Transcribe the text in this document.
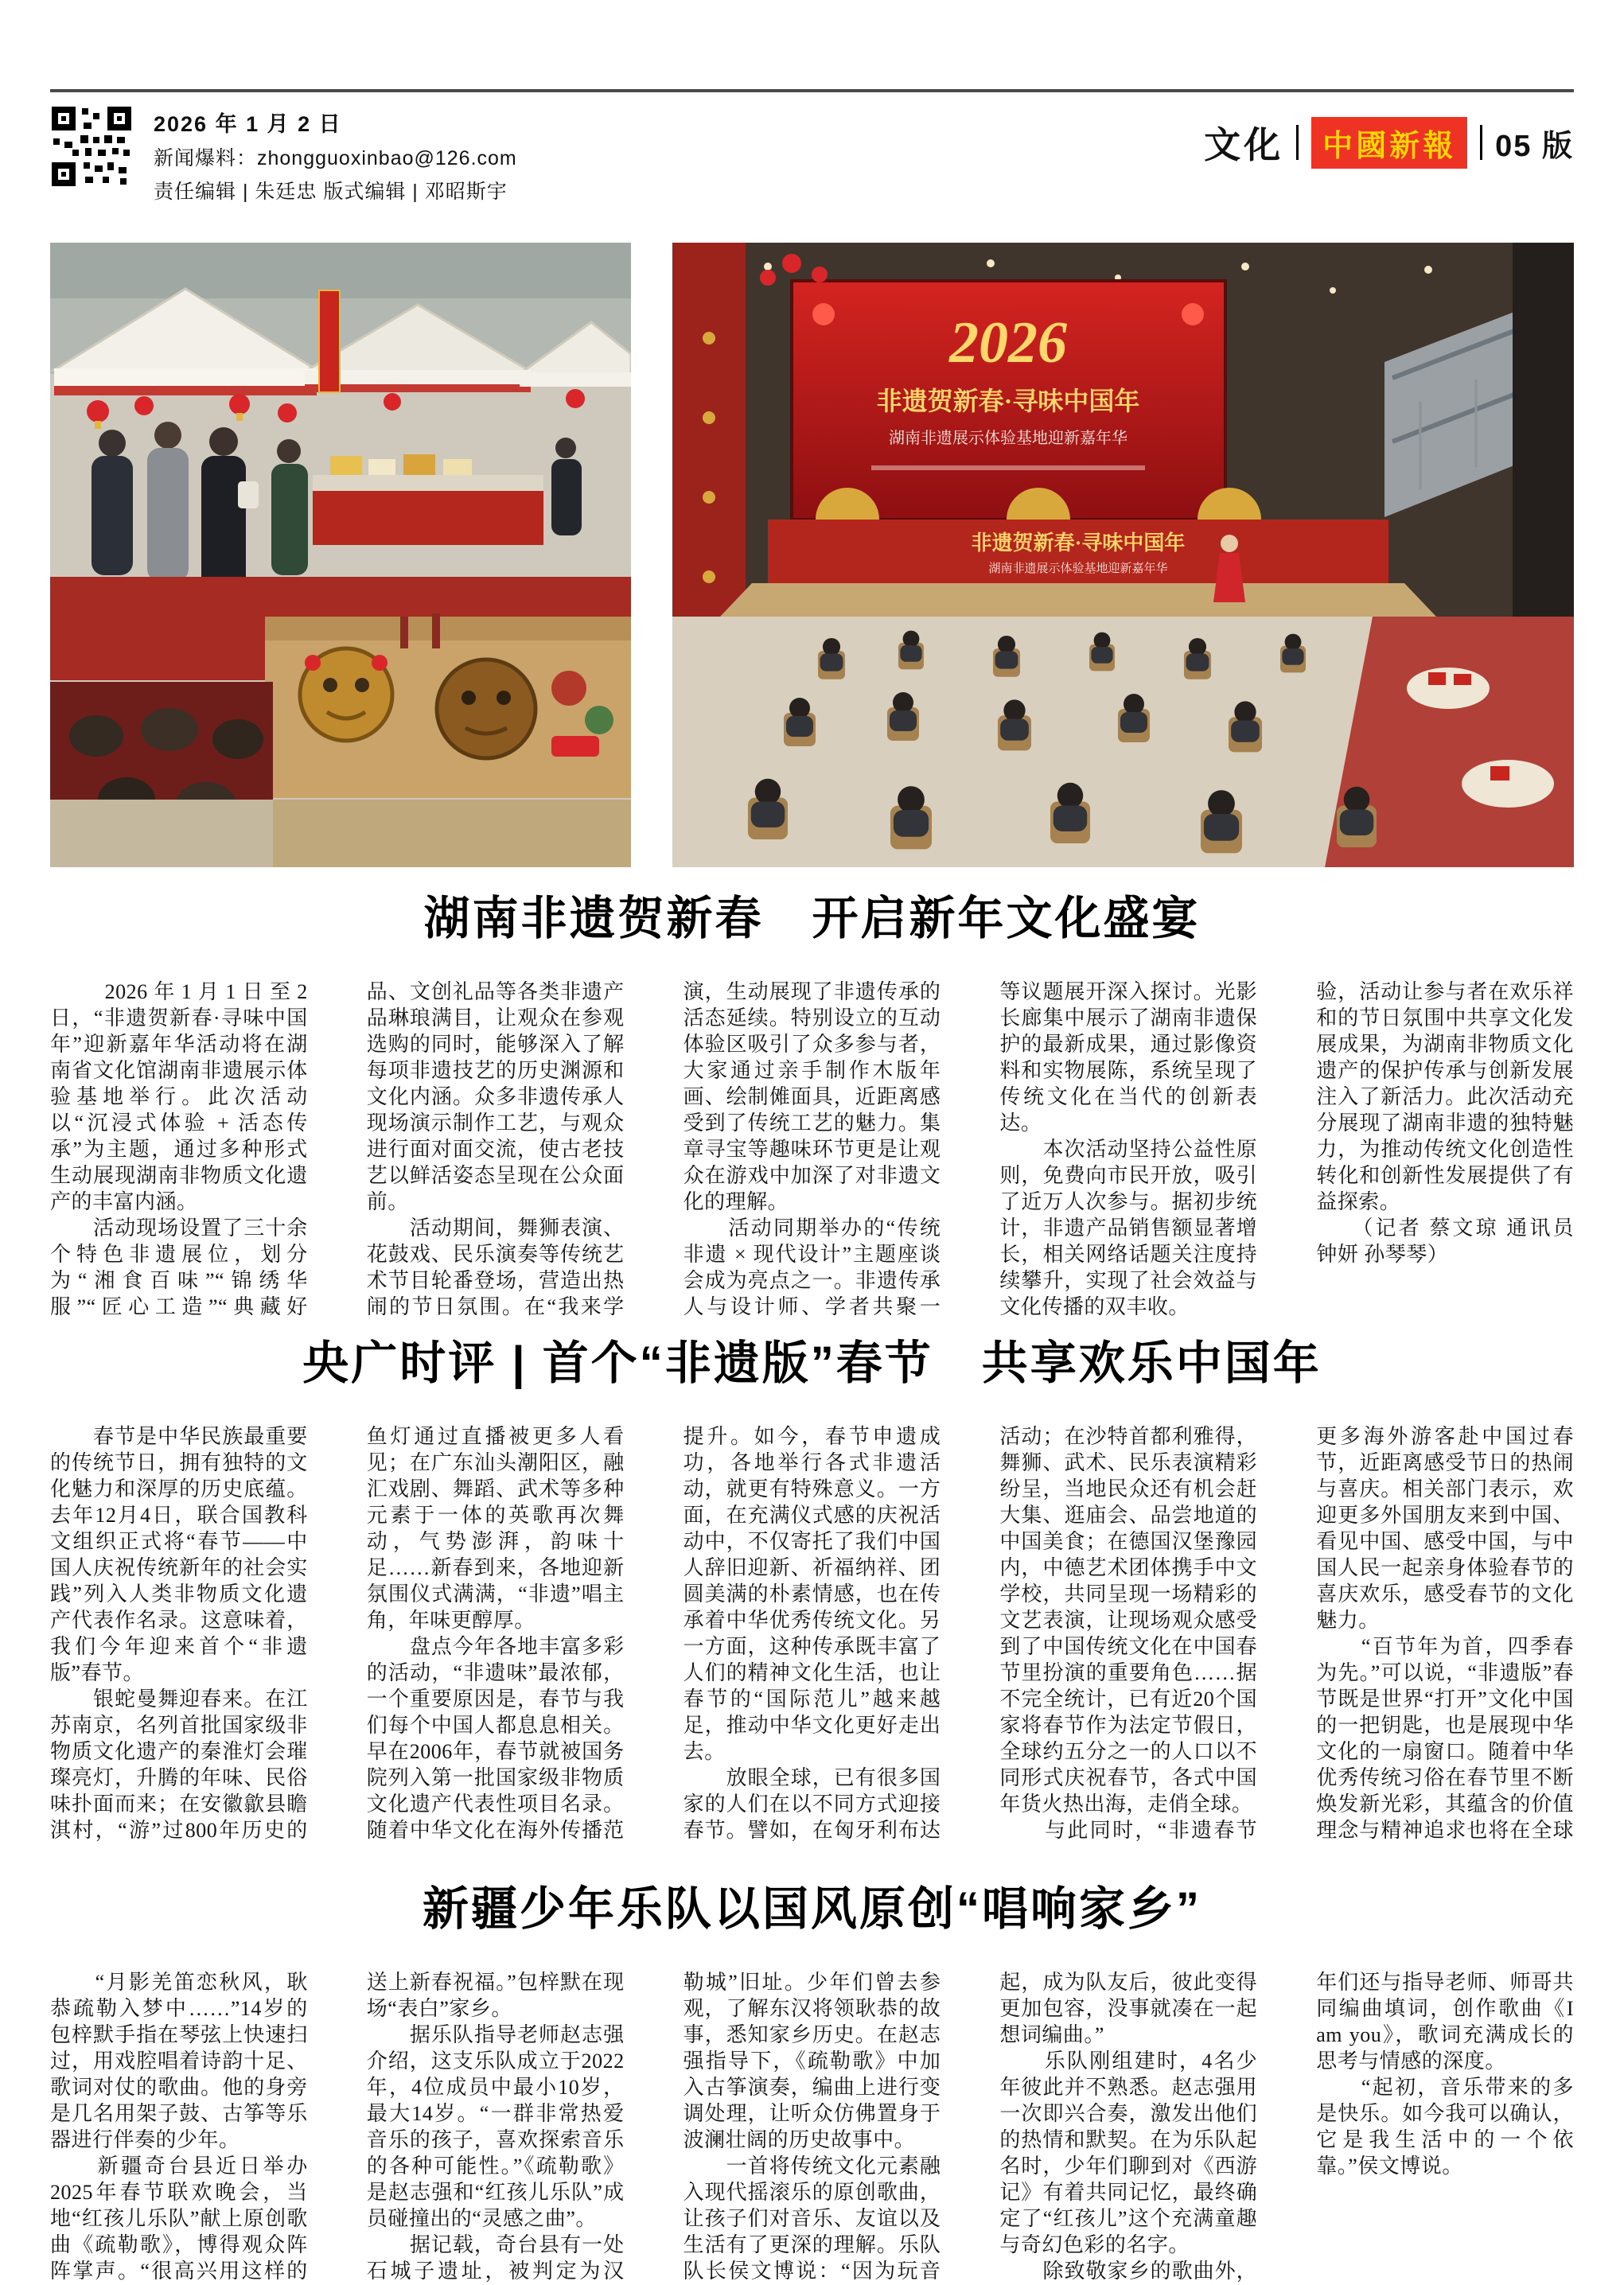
2026 年 1 月 2 日
新闻爆料：zhongguoxinbao@126.com
责任编辑 | 朱廷忠 版式编辑 | 邓昭斯宇
文化	中國新報	05 版
2026
非遗贺新春·寻味中国年
湖南非遗展示体验基地迎新嘉年华
非遗贺新春·寻味中国年
湖南非遗展示体验基地迎新嘉年华
湖南非遗贺新春　开启新年文化盛宴

　　2026年1月1日至2日，“非遗贺新春·寻味中国年”迎新嘉年华活动将在湖南省文化馆湖南非遗展示体验基地举行。此次活动以“沉浸式体验 + 活态传承”为主题，通过多种形式生动展现湖南非物质文化遗产的丰富内涵。

　　活动现场设置了三十余个特色非遗展位，划分为“湘食百味”“锦绣华服”“匠心工造”“典藏好

品、文创礼品等各类非遗产品琳琅满目，让观众在参观选购的同时，能够深入了解每项非遗技艺的历史渊源和文化内涵。众多非遗传承人现场演示制作工艺，与观众进行面对面交流，使古老技艺以鲜活姿态呈现在公众面前。

　　活动期间，舞狮表演、花鼓戏、民乐演奏等传统艺术节目轮番登场，营造出热闹的节日氛围。在“我来学

演，生动展现了非遗传承的活态延续。特别设立的互动体验区吸引了众多参与者，大家通过亲手制作木版年画、绘制傩面具，近距离感受到了传统工艺的魅力。集章寻宝等趣味环节更是让观众在游戏中加深了对非遗文化的理解。

　　活动同期举办的“传统非遗 × 现代设计”主题座谈会成为亮点之一。非遗传承人与设计师、学者共聚一

等议题展开深入探讨。光影长廊集中展示了湖南非遗保护的最新成果，通过影像资料和实物展陈，系统呈现了传统文化在当代的创新表达。

　　本次活动坚持公益性原则，免费向市民开放，吸引了近万人次参与。据初步统计，非遗产品销售额显著增长，相关网络话题关注度持续攀升，实现了社会效益与文化传播的双丰收。

验，活动让参与者在欢乐祥和的节日氛围中共享文化发展成果，为湖南非物质文化遗产的保护传承与创新发展注入了新活力。此次活动充分展现了湖南非遗的独特魅力，为推动传统文化创造性转化和创新性发展提供了有益探索。

　　（记者 蔡文琼 通讯员 钟妍 孙琴琴）

央广时评 | 首个“非遗版”春节　共享欢乐中国年

　　春节是中华民族最重要的传统节日，拥有独特的文化魅力和深厚的历史底蕴。去年12月4日，联合国教科文组织正式将“春节——中国人庆祝传统新年的社会实践”列入人类非物质文化遗产代表作名录。这意味着，我们今年迎来首个“非遗版”春节。

　　银蛇曼舞迎春来。在江苏南京，名列首批国家级非物质文化遗产的秦淮灯会璀璨亮灯，升腾的年味、民俗味扑面而来；在安徽歙县瞻淇村，“游”过800年历史的

鱼灯通过直播被更多人看见；在广东汕头潮阳区，融汇戏剧、舞蹈、武术等多种元素于一体的英歌再次舞动，气势澎湃，韵味十足……新春到来，各地迎新氛围仪式满满，“非遗”唱主角，年味更醇厚。

　　盘点今年各地丰富多彩的活动，“非遗味”最浓郁，一个重要原因是，春节与我们每个中国人都息息相关。早在2006年，春节就被国务院列入第一批国家级非物质文化遗产代表性项目名录。随着中华文化在海外传播范

提升。如今，春节申遗成功，各地举行各式非遗活动，就更有特殊意义。一方面，在充满仪式感的庆祝活动中，不仅寄托了我们中国人辞旧迎新、祈福纳祥、团圆美满的朴素情感，也在传承着中华优秀传统文化。另一方面，这种传承既丰富了人们的精神文化生活，也让春节的“国际范儿”越来越足，推动中华文化更好走出去。

　　放眼全球，已有很多国家的人们在以不同方式迎接春节。譬如，在匈牙利布达

活动；在沙特首都利雅得，舞狮、武术、民乐表演精彩纷呈，当地民众还有机会赶大集、逛庙会、品尝地道的中国美食；在德国汉堡豫园内，中德艺术团体携手中文学校，共同呈现一场精彩的文艺表演，让现场观众感受到了中国传统文化在中国春节里扮演的重要角色……据不完全统计，已有近20个国家将春节作为法定节假日，全球约五分之一的人口以不同形式庆祝春节，各式中国年货火热出海，走俏全球。

　　与此同时，“非遗春节

更多海外游客赴中国过春节，近距离感受节日的热闹与喜庆。相关部门表示，欢迎更多外国朋友来到中国、看见中国、感受中国，与中国人民一起亲身体验春节的喜庆欢乐，感受春节的文化魅力。

　　“百节年为首，四季春为先。”可以说，“非遗版”春节既是世界“打开”文化中国的一把钥匙，也是展现中华文化的一扇窗口。随着中华优秀传统习俗在春节里不断焕发新光彩，其蕴含的价值理念与精神追求也将在全球

新疆少年乐队以国风原创“唱响家乡”

　　“月影羌笛恋秋风，耿恭疏勒入梦中……”14岁的包梓默手指在琴弦上快速扫过，用戏腔唱着诗韵十足、歌词对仗的歌曲。他的身旁是几名用架子鼓、古筝等乐器进行伴奏的少年。

　　新疆奇台县近日举办2025年春节联欢晚会，当地“红孩儿乐队”献上原创歌曲《疏勒歌》，博得观众阵阵掌声。“很高兴用这样的

送上新春祝福。”包梓默在现场“表白”家乡。

　　据乐队指导老师赵志强介绍，这支乐队成立于2022年，4位成员中最小10岁，最大14岁。“一群非常热爱音乐的孩子，喜欢探索音乐的各种可能性。”《疏勒歌》是赵志强和“红孩儿乐队”成员碰撞出的“灵感之曲”。

　　据记载，奇台县有一处石城子遗址，被判定为汉

勒城”旧址。少年们曾去参观，了解东汉将领耿恭的故事，悉知家乡历史。在赵志强指导下，《疏勒歌》中加入古筝演奏，编曲上进行变调处理，让听众仿佛置身于波澜壮阔的历史故事中。

　　一首将传统文化元素融入现代摇滚乐的原创歌曲，让孩子们对音乐、友谊以及生活有了更深的理解。乐队队长侯文博说：“因为玩音

起，成为队友后，彼此变得更加包容，没事就凑在一起想词编曲。”

　　乐队刚组建时，4名少年彼此并不熟悉。赵志强用一次即兴合奏，激发出他们的热情和默契。在为乐队起名时，少年们聊到对《西游记》有着共同记忆，最终确定了“红孩儿”这个充满童趣与奇幻色彩的名字。

　　除致敬家乡的歌曲外，

年们还与指导老师、师哥共同编曲填词，创作歌曲《I am you》，歌词充满成长的思考与情感的深度。

　　“起初，音乐带来的多是快乐。如今我可以确认，它是我生活中的一个依靠。”侯文博说。
